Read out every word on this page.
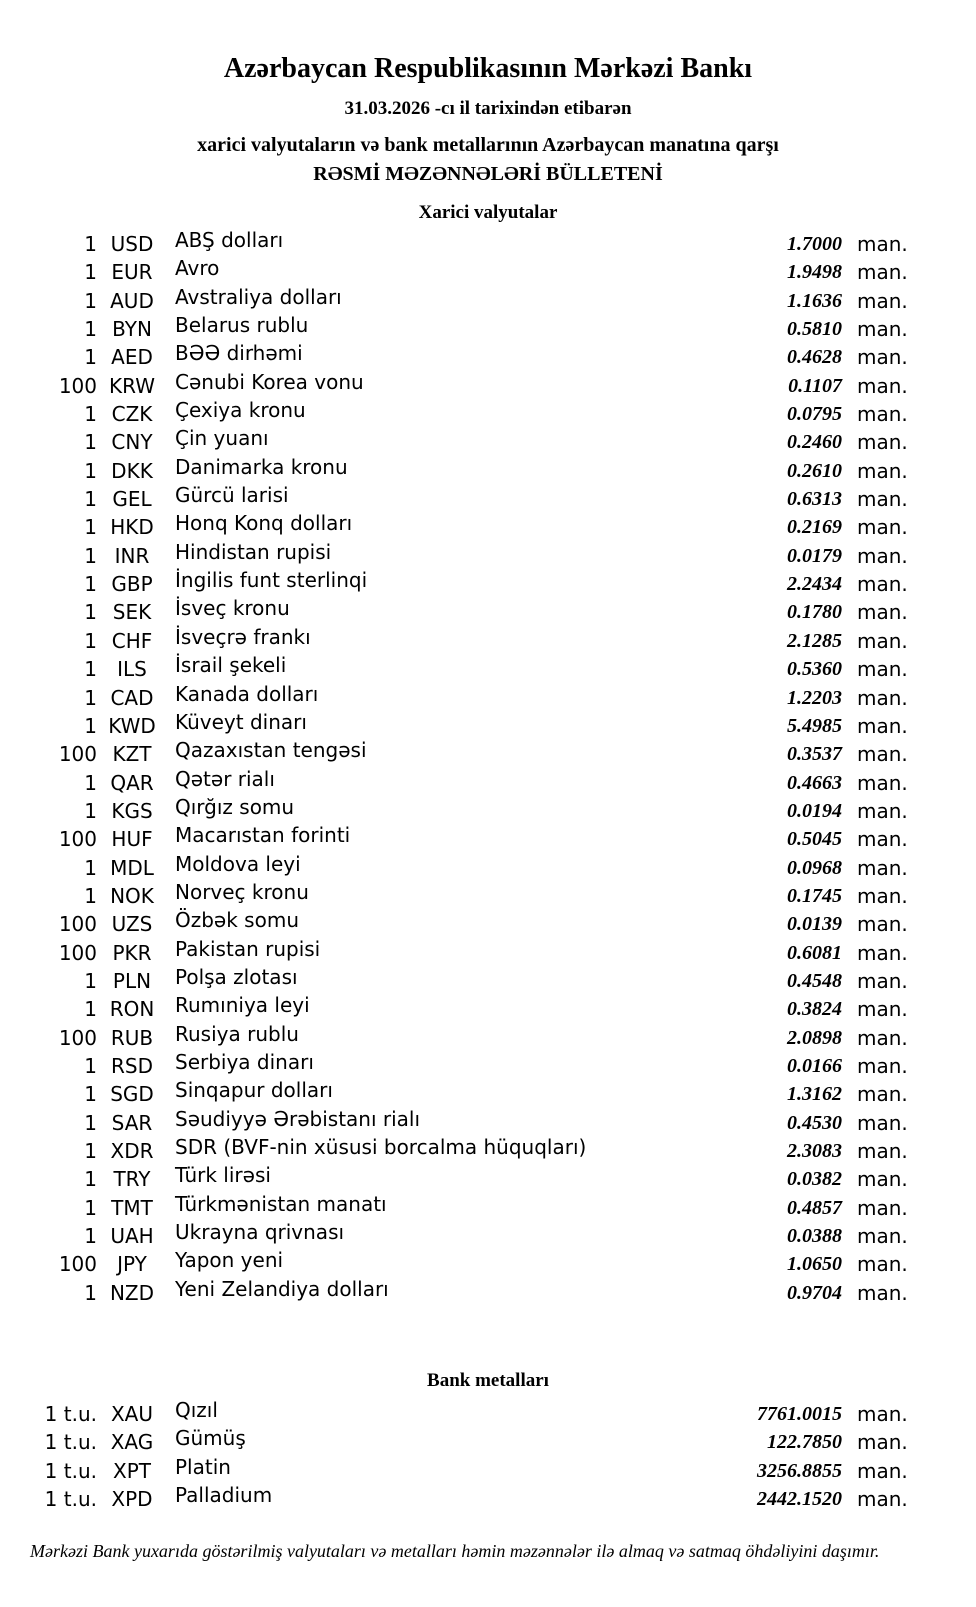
Azərbaycan Respublikasının Mərkəzi Bankı
31.03.2026 -cı il tarixindən etibarən
xarici valyutaların və bank metallarının Azərbaycan manatına qarşı
RƏSMİ MƏZƏNNƏLƏRİ BÜLLETENİ
Xarici valyutalar
1 USD	ABŞ dolları	1.7000 man.
1 EUR	Avro	1.9498 man.
1 AUD	Avstraliya dolları	1.1636 man.
1 BYN	Belarus rublu	0.5810 man.
1 AED	BƏƏ dirhəmi	0.4628 man.
100 KRW	Cənubi Korea vonu	0.1107 man.
1 CZK	Çexiya kronu	0.0795 man.
1 CNY	Çin yuanı	0.2460 man.
1 DKK	Danimarka kronu	0.2610 man.
1 GEL	Gürcü larisi	0.6313 man.
1 HKD	Honq Konq dolları	0.2169 man.
1 INR	Hindistan rupisi	0.0179 man.
1 GBP	İngilis funt sterlinqi	2.2434 man.
1 SEK	İsveç kronu	0.1780 man.
1 CHF	İsveçrə frankı	2.1285 man.
1	ILS	İsrail şekeli	0.5360 man.
1 CAD	Kanada dolları	1.2203 man.
1 KWD Küveyt dinarı	5.4985 man.
100 KZT	Qazaxıstan tengəsi	0.3537 man.
1 QAR	Qətər rialı	0.4663 man.
1 KGS	Qırğız somu	0.0194 man.
100 HUF	Macarıstan forinti	0.5045 man.
1 MDL	Moldova leyi	0.0968 man.
1 NOK	Norveç kronu	0.1745 man.
100 UZS	Özbək somu	0.0139 man.
100 PKR	Pakistan rupisi	0.6081 man.
1 PLN	Polşa zlotası	0.4548 man.
1 RON	Rumıniya leyi	0.3824 man.
100 RUB	Rusiya rublu	2.0898 man.
1 RSD	Serbiya dinarı	0.0166 man.
1 SGD	Sinqapur dolları	1.3162 man.
1 SAR	Səudiyyə Ərəbistanı rialı	0.4530 man.
1 XDR	SDR (BVF-nin xüsusi borcalma hüquqları)	2.3083 man.
1 TRY	Türk lirəsi	0.0382 man.
1 TMT	Türkmənistan manatı	0.4857 man.
1 UAH	Ukrayna qrivnası	0.0388 man.
100	JPY	Yapon yeni	1.0650 man.
1 NZD	Yeni Zelandiya dolları	0.9704 man.
Bank metalları
1 t.u. XAU	Qızıl	7761.0015 man.
1 t.u. XAG	Gümüş	122.7850 man.
1 t.u. XPT	Platin	3256.8855 man.
1 t.u. XPD	Palladium	2442.1520 man.
Mərkəzi Bank yuxarıda göstərilmiş valyutaları və metalları həmin məzənnələr ilə almaq və satmaq öhdəliyini daşımır.
